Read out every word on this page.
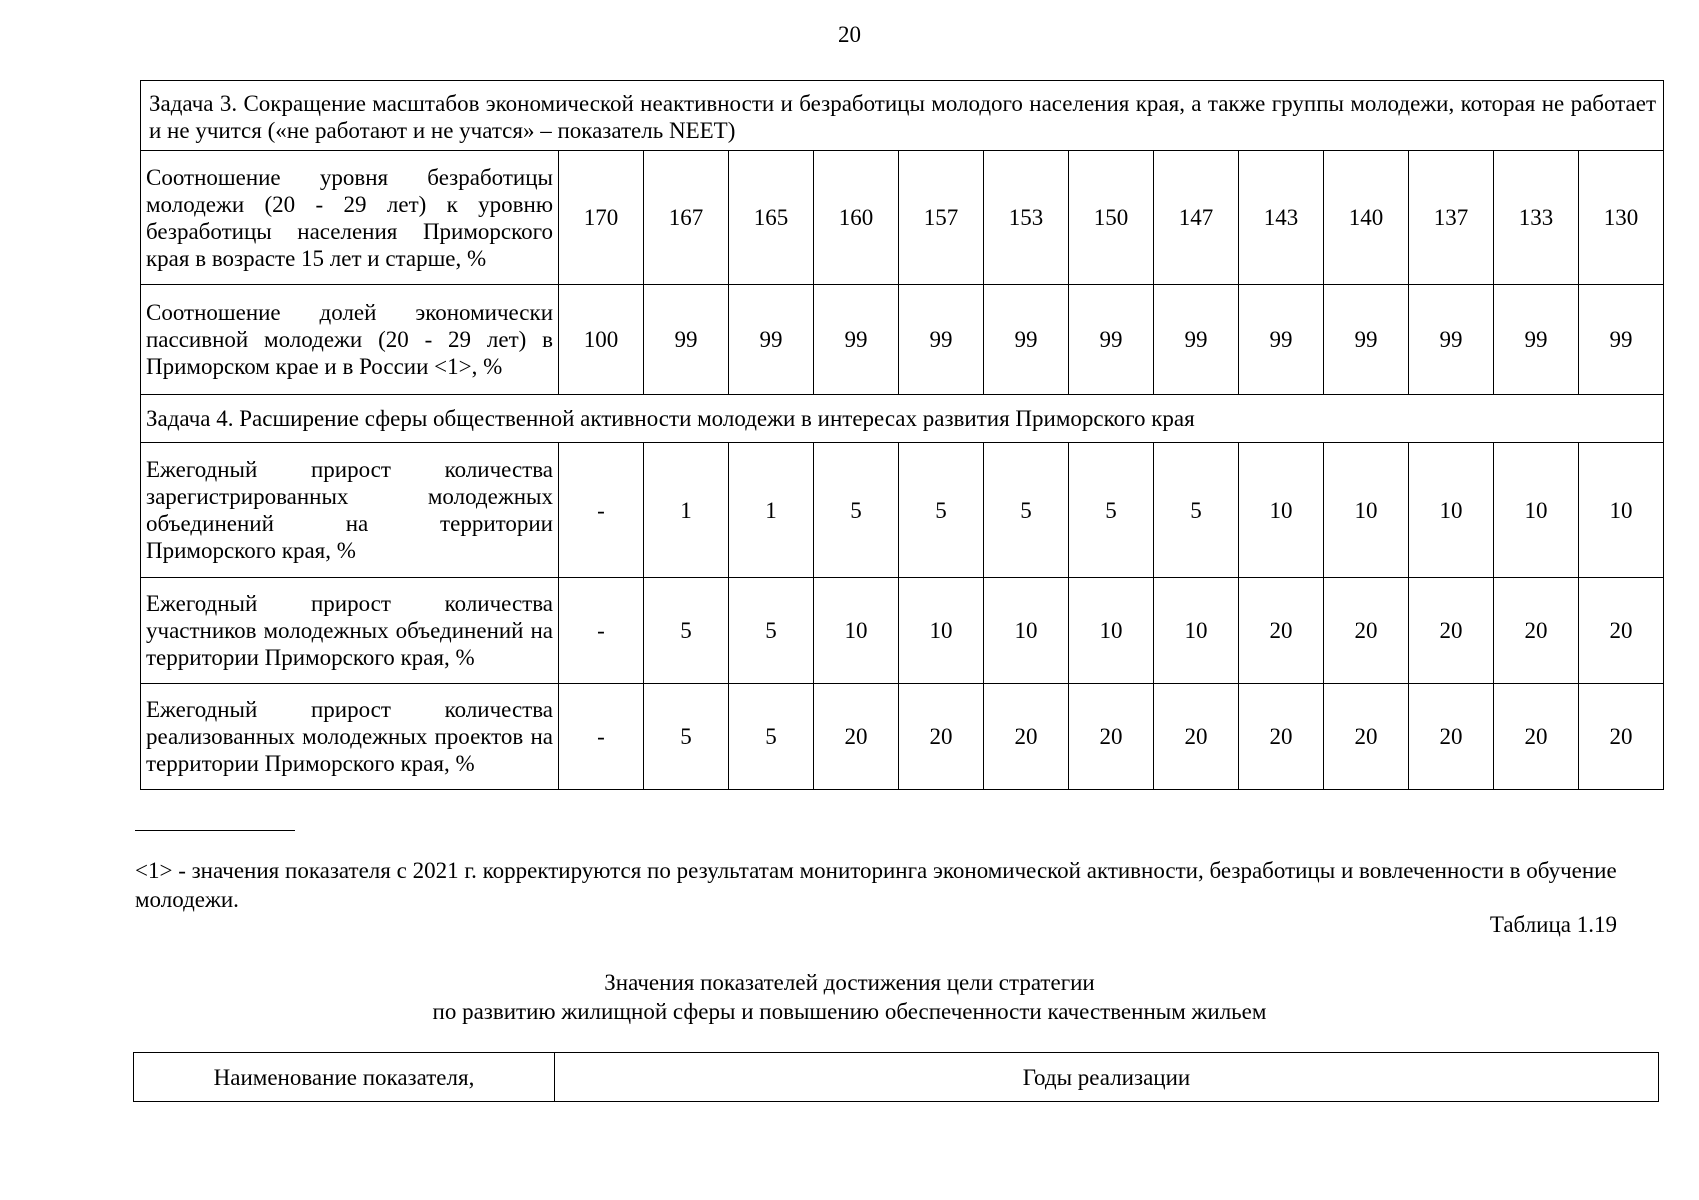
20
Задача 3. Сокращение масштабов экономической неактивности и безработицы молодого населения края, а также группы молодежи, которая не работает и не учится («не работают и не учатся» – показатель NEET)													
Соотношение уровня безработицы молодежи (20 - 29 лет) к уровню безработицы населения Приморского края в возрасте 15 лет и старше, %	170	167	165	160	157	153	150	147	143	140	137	133	130
Соотношение долей экономически пассивной молодежи (20 - 29 лет) в Приморском крае и в России <1>, %	100	99	99	99	99	99	99	99	99	99	99	99	99
Задача 4. Расширение сферы общественной активности молодежи в интересах развития Приморского края													
Ежегодный прирост количества зарегистрированных молодежных объединений на территории Приморского края, %	-	1	1	5	5	5	5	5	10	10	10	10	10
Ежегодный прирост количества участников молодежных объединений на территории Приморского края, %	-	5	5	10	10	10	10	10	20	20	20	20	20
Ежегодный прирост количества реализованных молодежных проектов на территории Приморского края, %	-	5	5	20	20	20	20	20	20	20	20	20	20
<1> - значения показателя с 2021 г. корректируются по результатам мониторинга экономической активности, безработицы и вовлеченности в обучение молодежи.
Таблица 1.19
Значения показателей достижения цели стратегии
по развитию жилищной сферы и повышению обеспеченности качественным жильем
Наименование показателя,	Годы реализации
